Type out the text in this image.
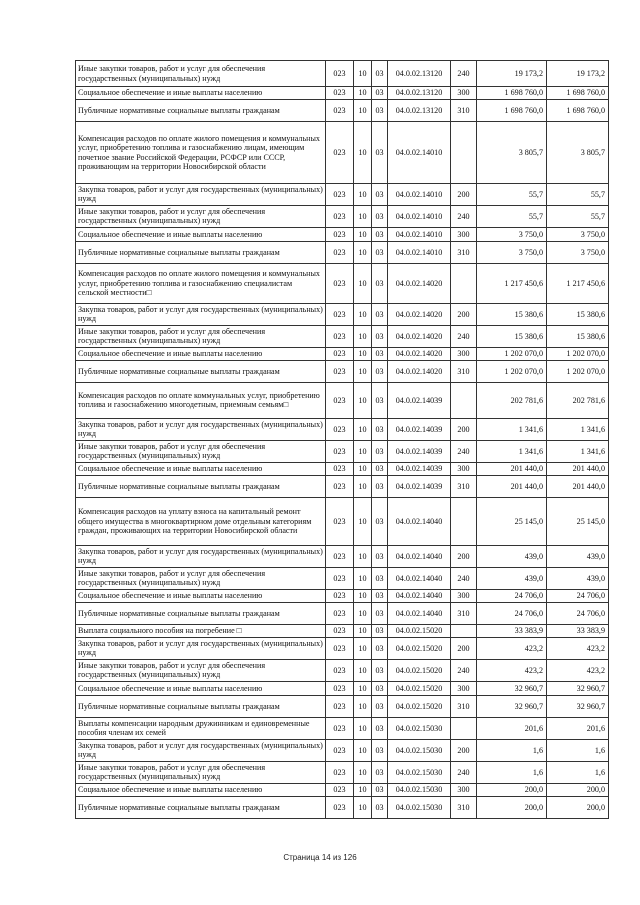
Иные закупки товаров, работ и услуг для обеспечения государственных (муниципальных) нужд	023	10	03	04.0.02.13120	240	19 173,2	19 173,2
Социальное обеспечение и иные выплаты населению	023	10	03	04.0.02.13120	300	1 698 760,0	1 698 760,0
Публичные нормативные социальные выплаты гражданам	023	10	03	04.0.02.13120	310	1 698 760,0	1 698 760,0
Компенсация расходов по оплате жилого помещения и коммунальных услуг, приобретению топлива и газоснабжению лицам, имеющим почетное звание Российской Федерации, РСФСР или СССР, проживающим на территории Новосибирской области	023	10	03	04.0.02.14010		3 805,7	3 805,7
Закупка товаров, работ и услуг для государственных (муниципальных) нужд	023	10	03	04.0.02.14010	200	55,7	55,7
Иные закупки товаров, работ и услуг для обеспечения государственных (муниципальных) нужд	023	10	03	04.0.02.14010	240	55,7	55,7
Социальное обеспечение и иные выплаты населению	023	10	03	04.0.02.14010	300	3 750,0	3 750,0
Публичные нормативные социальные выплаты гражданам	023	10	03	04.0.02.14010	310	3 750,0	3 750,0
Компенсация расходов по оплате жилого помещения и коммунальных услуг, приобретению топлива и газоснабжению специалистам сельской местности□	023	10	03	04.0.02.14020		1 217 450,6	1 217 450,6
Закупка товаров, работ и услуг для государственных (муниципальных) нужд	023	10	03	04.0.02.14020	200	15 380,6	15 380,6
Иные закупки товаров, работ и услуг для обеспечения государственных (муниципальных) нужд	023	10	03	04.0.02.14020	240	15 380,6	15 380,6
Социальное обеспечение и иные выплаты населению	023	10	03	04.0.02.14020	300	1 202 070,0	1 202 070,0
Публичные нормативные социальные выплаты гражданам	023	10	03	04.0.02.14020	310	1 202 070,0	1 202 070,0
Компенсация расходов по оплате коммунальных услуг, приобретению топлива и газоснабжению многодетным, приемным семьям□	023	10	03	04.0.02.14039		202 781,6	202 781,6
Закупка товаров, работ и услуг для государственных (муниципальных) нужд	023	10	03	04.0.02.14039	200	1 341,6	1 341,6
Иные закупки товаров, работ и услуг для обеспечения государственных (муниципальных) нужд	023	10	03	04.0.02.14039	240	1 341,6	1 341,6
Социальное обеспечение и иные выплаты населению	023	10	03	04.0.02.14039	300	201 440,0	201 440,0
Публичные нормативные социальные выплаты гражданам	023	10	03	04.0.02.14039	310	201 440,0	201 440,0
Компенсация расходов на уплату взноса на капитальный ремонт общего имущества в многоквартирном доме отдельным категориям граждан, проживающих на территории Новосибирской области	023	10	03	04.0.02.14040		25 145,0	25 145,0
Закупка товаров, работ и услуг для государственных (муниципальных) нужд	023	10	03	04.0.02.14040	200	439,0	439,0
Иные закупки товаров, работ и услуг для обеспечения государственных (муниципальных) нужд	023	10	03	04.0.02.14040	240	439,0	439,0
Социальное обеспечение и иные выплаты населению	023	10	03	04.0.02.14040	300	24 706,0	24 706,0
Публичные нормативные социальные выплаты гражданам	023	10	03	04.0.02.14040	310	24 706,0	24 706,0
Выплата социального пособия на погребение □	023	10	03	04.0.02.15020		33 383,9	33 383,9
Закупка товаров, работ и услуг для государственных (муниципальных) нужд	023	10	03	04.0.02.15020	200	423,2	423,2
Иные закупки товаров, работ и услуг для обеспечения государственных (муниципальных) нужд	023	10	03	04.0.02.15020	240	423,2	423,2
Социальное обеспечение и иные выплаты населению	023	10	03	04.0.02.15020	300	32 960,7	32 960,7
Публичные нормативные социальные выплаты гражданам	023	10	03	04.0.02.15020	310	32 960,7	32 960,7
Выплаты компенсации народным дружинникам и единовременные пособия членам их семей	023	10	03	04.0.02.15030		201,6	201,6
Закупка товаров, работ и услуг для государственных (муниципальных) нужд	023	10	03	04.0.02.15030	200	1,6	1,6
Иные закупки товаров, работ и услуг для обеспечения государственных (муниципальных) нужд	023	10	03	04.0.02.15030	240	1,6	1,6
Социальное обеспечение и иные выплаты населению	023	10	03	04.0.02.15030	300	200,0	200,0
Публичные нормативные социальные выплаты гражданам	023	10	03	04.0.02.15030	310	200,0	200,0
Страница 14 из 126
